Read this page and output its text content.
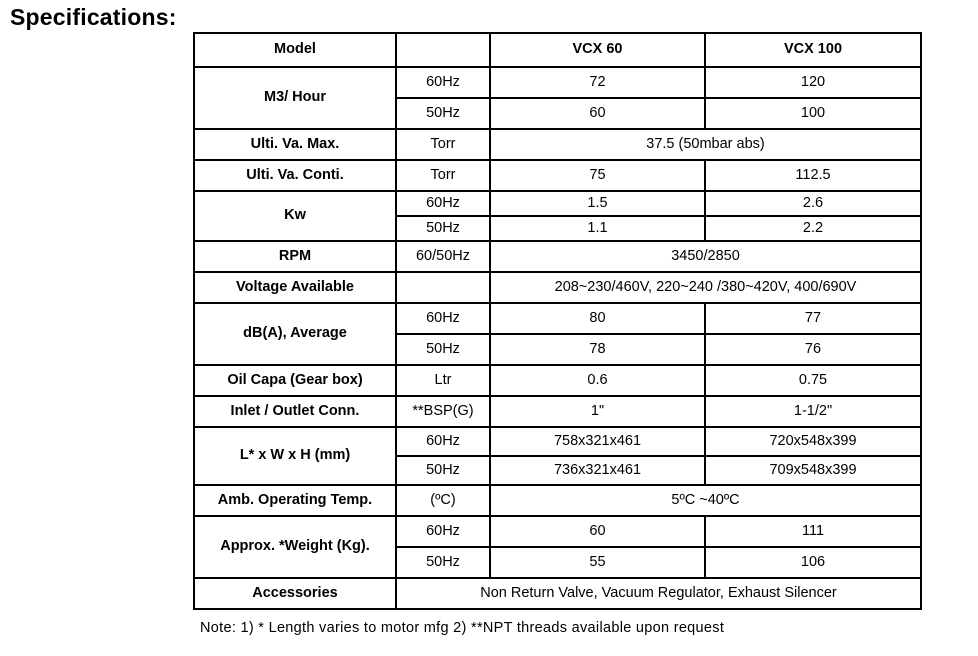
Specifications:
Model		VCX 60	VCX 100
M3/ Hour	60Hz	72	120
	50Hz	60	100
Ulti. Va. Max.	Torr	37.5 (50mbar abs)	
Ulti. Va. Conti.	Torr	75	112.5
Kw	60Hz	1.5	2.6
	50Hz	1.1	2.2
RPM	60/50Hz	3450/2850	
Voltage Available		208~230/460V, 220~240 /380~420V, 400/690V	
dB(A), Average	60Hz	80	77
	50Hz	78	76
Oil Capa (Gear box)	Ltr	0.6	0.75
Inlet / Outlet Conn.	**BSP(G)	1"	1-1/2"
L* x W x H (mm)	60Hz	758x321x461	720x548x399
	50Hz	736x321x461	709x548x399
Amb. Operating Temp.	(ºC)	5ºC ~40ºC	
Approx. *Weight (Kg).	60Hz	60	111
	50Hz	55	106
Accessories	Non Return Valve, Vacuum Regulator, Exhaust Silencer		
Note: 1) * Length varies to motor mfg 2) **NPT threads available upon request
